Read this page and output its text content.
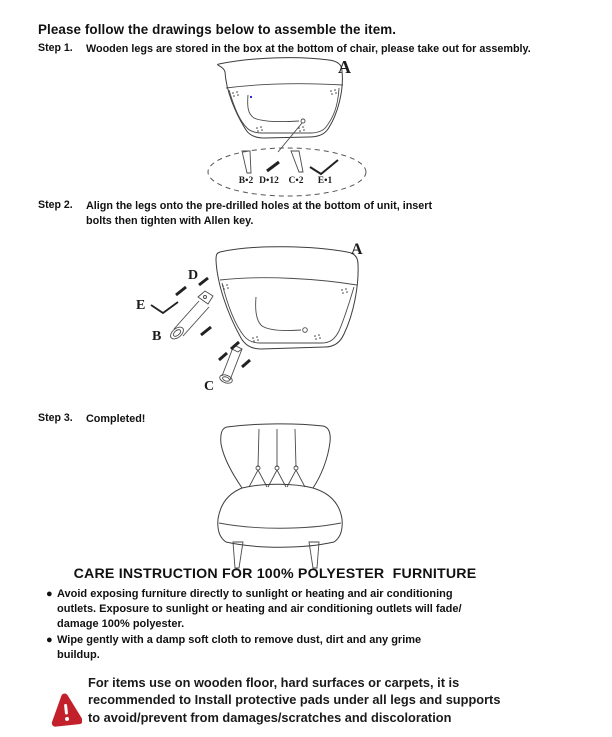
Please follow the drawings below to assemble the item.
Step 1. Wooden legs are stored in the box at the bottom of chair, please take out for assembly.
B•2 D•12 C•2 E•1
A
Step 2. Align the legs onto the pre-drilled holes at the bottom of unit, insert
bolts then tighten with Allen key.
A
D
E
B
C
Step 3. Completed!
CARE INSTRUCTION FOR 100% POLYESTER  FURNITURE
● Avoid exposing furniture directly to sunlight or heating and air conditioning
outlets. Exposure to sunlight or heating and air conditioning outlets will fade/
damage 100% polyester.
● Wipe gently with a damp soft cloth to remove dust, dirt and any grime
buildup.
For items use on wooden floor, hard surfaces or carpets, it is
recommended to Install protective pads under all legs and supports
to avoid/prevent from damages/scratches and discoloration
